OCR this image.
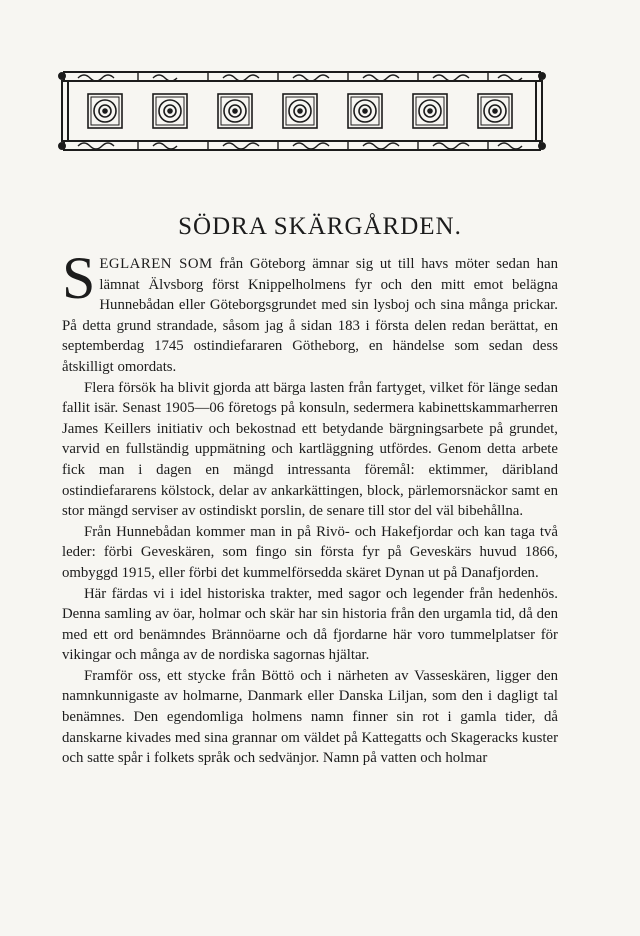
SÖDRA SKÄRGÅRDEN.

SEGLAREN SOM från Göteborg ämnar sig ut till havs möter sedan han lämnat Älvsborg först Knippelholmens fyr och den mitt emot belägna Hunnebådan eller Göteborgsgrundet med sin lysboj och sina många prickar. På detta grund strandade, såsom jag å sidan 183 i första delen redan berättat, en septemberdag 1745 ostindiefararen Götheborg, en händelse som sedan dess åtskilligt omordats.

Flera försök ha blivit gjorda att bärga lasten från fartyget, vilket för länge sedan fallit isär. Senast 1905—06 företogs på konsuln, sedermera kabinettskammarherren James Keillers initiativ och bekostnad ett betydande bärgningsarbete på grundet, varvid en fullständig uppmätning och kartläggning utfördes. Genom detta arbete fick man i dagen en mängd intressanta föremål: ektimmer, däribland ostindiefararens kölstock, delar av ankarkättingen, block, pärlemorsnäckor samt en stor mängd serviser av ostindiskt porslin, de senare till stor del väl bibehållna.

Från Hunnebådan kommer man in på Rivö- och Hakefjordar och kan taga två leder: förbi Geveskären, som fingo sin första fyr på Geveskärs huvud 1866, ombyggd 1915, eller förbi det kummelförsedda skäret Dynan ut på Danafjorden.

Här färdas vi i idel historiska trakter, med sagor och legender från hedenhös. Denna samling av öar, holmar och skär har sin historia från den urgamla tid, då den med ett ord benämndes Brännöarne och då fjordarne här voro tummelplatser för vikingar och många av de nordiska sagornas hjältar.

Framför oss, ett stycke från Böttö och i närheten av Vasseskären, ligger den namnkunnigaste av holmarne, Danmark eller Danska Liljan, som den i dagligt tal benämnes. Den egendomliga holmens namn finner sin rot i gamla tider, då danskarne kivades med sina grannar om väldet på Kattegatts och Skageracks kuster och satte spår i folkets språk och sedvänjor. Namn på vatten och holmar
